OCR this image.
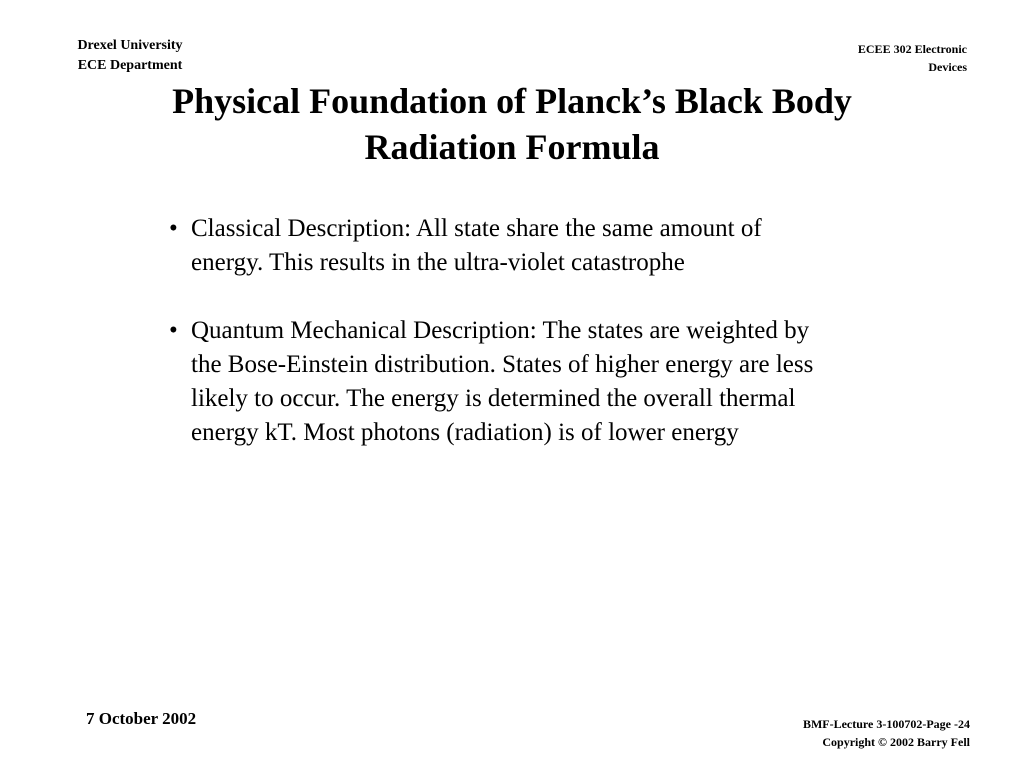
Drexel University
ECE Department
ECEE 302 Electronic
Devices
Physical Foundation of Planck’s Black Body
Radiation Formula
• Classical Description: All state share the same amount of
energy. This results in the ultra-violet catastrophe
• Quantum Mechanical Description: The states are weighted by
the Bose-Einstein distribution. States of higher energy are less
likely to occur. The energy is determined the overall thermal
energy kT. Most photons (radiation) is of lower energy
7 October 2002	BMF-Lecture 3-100702-Page -24
Copyright © 2002 Barry Fell
